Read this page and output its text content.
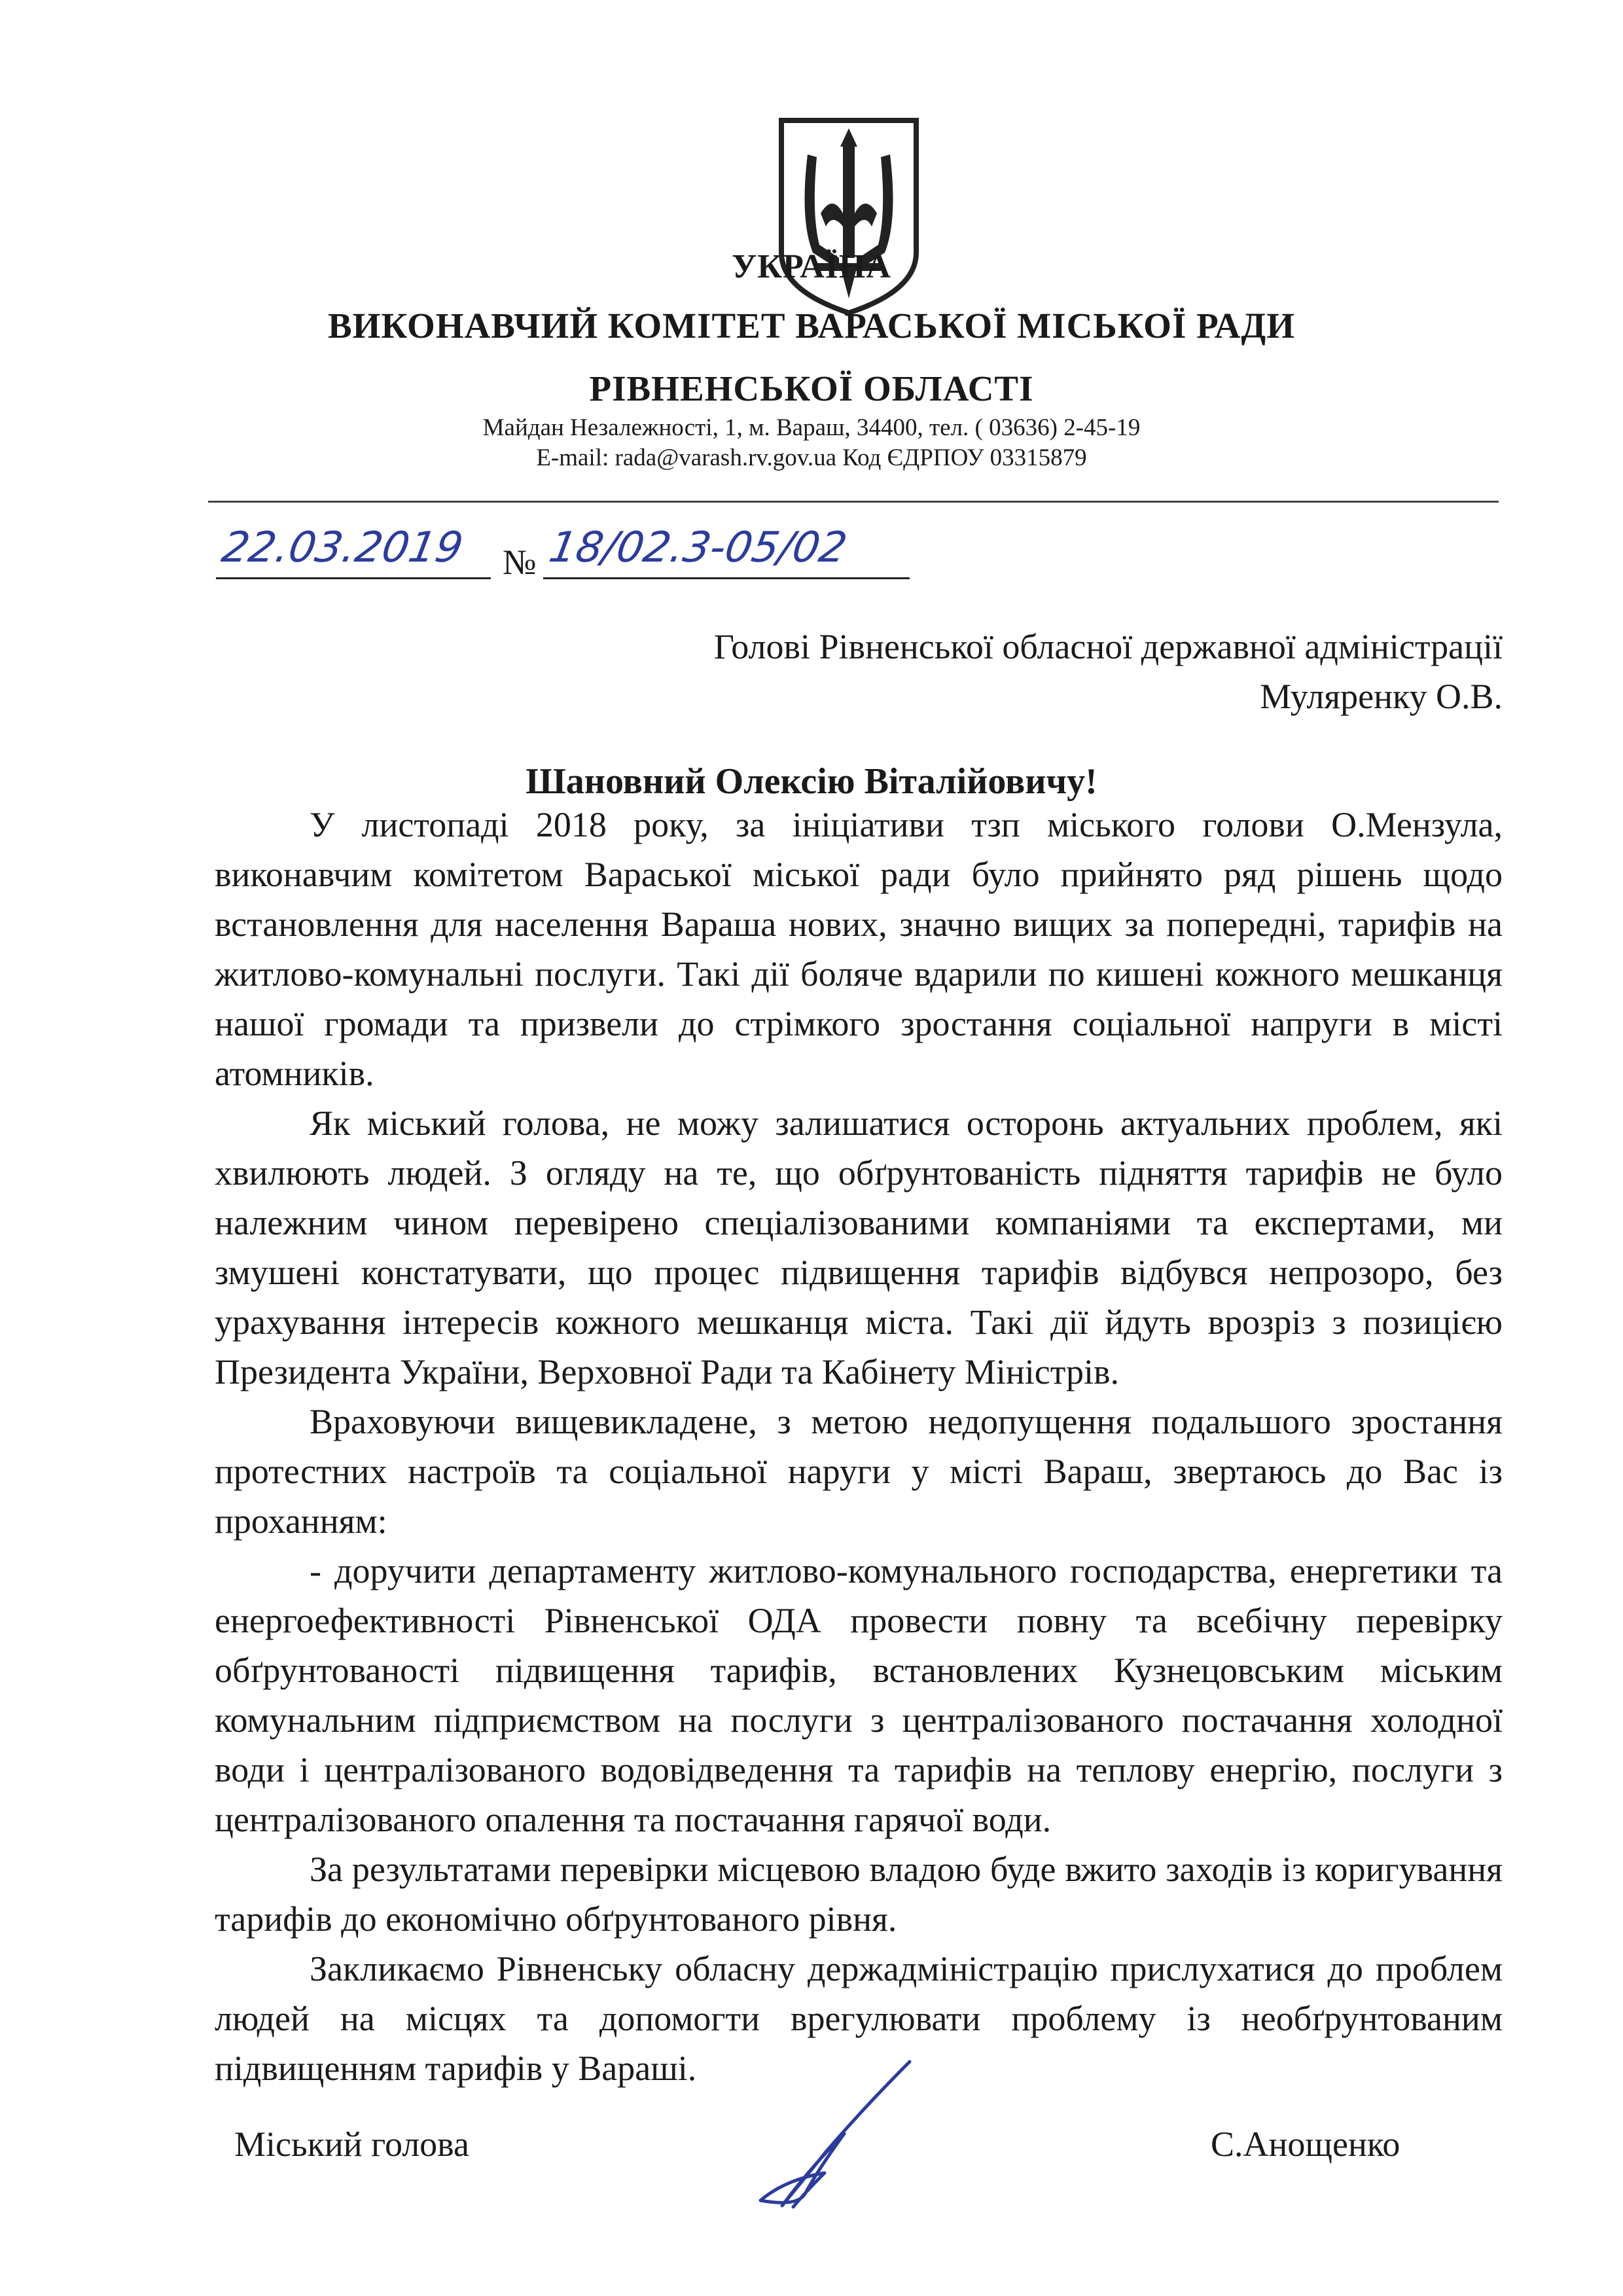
УКРАЇНА
ВИКОНАВЧИЙ КОМІТЕТ ВАРАСЬКОЇ МІСЬКОЇ РАДИ
РІВНЕНСЬКОЇ ОБЛАСТІ
Майдан Незалежності, 1, м. Вараш, 34400, тел. ( 03636) 2-45-19
E-mail: rada@varash.rv.gov.ua Код ЄДРПОУ 03315879
22.03.2019 № 18/02.3-05/02
Голові Рівненської обласної державної адміністрації
Муляренку О.В.
Шановний Олексію Віталійовичу!

У листопаді 2018 року, за ініціативи тзп міського голови О.Мензула, виконавчим комітетом Вараської міської ради було прийнято ряд рішень щодо встановлення для населення Вараша нових, значно вищих за попередні, тарифів на житлово-комунальні послуги. Такі дії боляче вдарили по кишені кожного мешканця нашої громади та призвели до стрімкого зростання соціальної напруги в місті атомників.

Як міський голова, не можу залишатися осторонь актуальних проблем, які хвилюють людей. З огляду на те, що обґрунтованість підняття тарифів не було належним чином перевірено спеціалізованими компаніями та експертами, ми змушені констатувати, що процес підвищення тарифів відбувся непрозоро, без урахування інтересів кожного мешканця міста. Такі дії йдуть врозріз з позицією Президента України, Верховної Ради та Кабінету Міністрів.

Враховуючи вищевикладене, з метою недопущення подальшого зростання протестних настроїв та соціальної наруги у місті Вараш, звертаюсь до Вас із проханням:

- доручити департаменту житлово-комунального господарства, енергетики та енергоефективності Рівненської ОДА провести повну та всебічну перевірку обґрунтованості підвищення тарифів, встановлених Кузнецовським міським комунальним підприємством на послуги з централізованого постачання холодної води і централізованого водовідведення та тарифів на теплову енергію, послуги з централізованого опалення та постачання гарячої води.

За результатами перевірки місцевою владою буде вжито заходів із коригування тарифів до економічно обґрунтованого рівня.

Закликаємо Рівненську обласну держадміністрацію прислухатися до проблем людей на місцях та допомогти врегулювати проблему із необґрунтованим підвищенням тарифів у Вараші.

Міський голова	С.Анощенко
